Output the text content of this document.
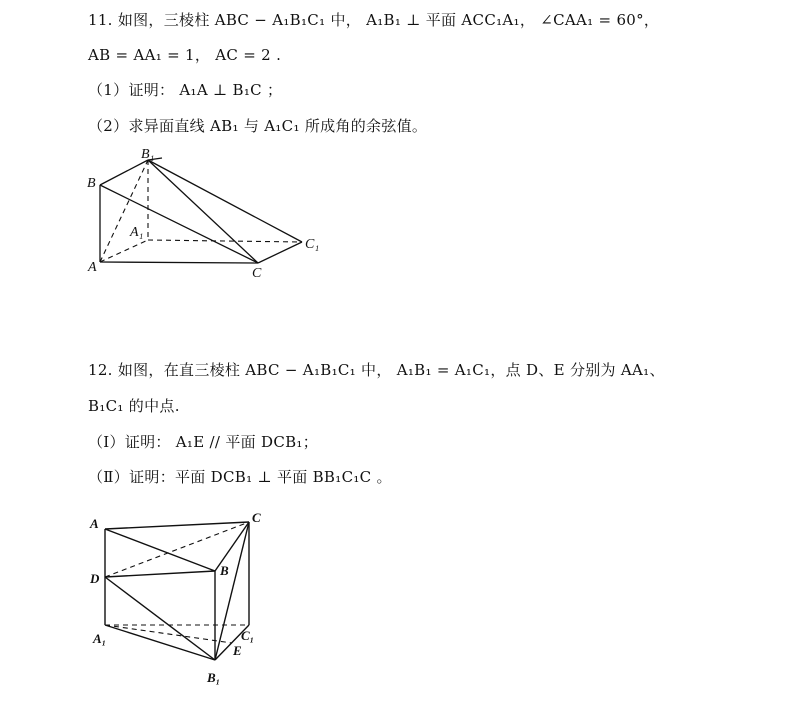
11. 如图，三棱柱 ABC − A₁B₁C₁ 中， A₁B₁ ⊥ 平面 ACC₁A₁， ∠CAA₁ = 60°，
AB = AA₁ = 1， AC = 2 .
（1）证明： A₁A ⊥ B₁C ；
（2）求异面直线 AB₁ 与 A₁C₁ 所成角的余弦值。
B₁
B
A₁
C₁
A	C
12. 如图，在直三棱柱 ABC − A₁B₁C₁ 中， A₁B₁ = A₁C₁，点 D、E 分别为 AA₁、
B₁C₁ 的中点.
（Ⅰ）证明： A₁E // 平面 DCB₁；
（Ⅱ）证明：平面 DCB₁ ⊥ 平面 BB₁C₁C 。
A	C
B
D
A₁	C₁
E
B₁
